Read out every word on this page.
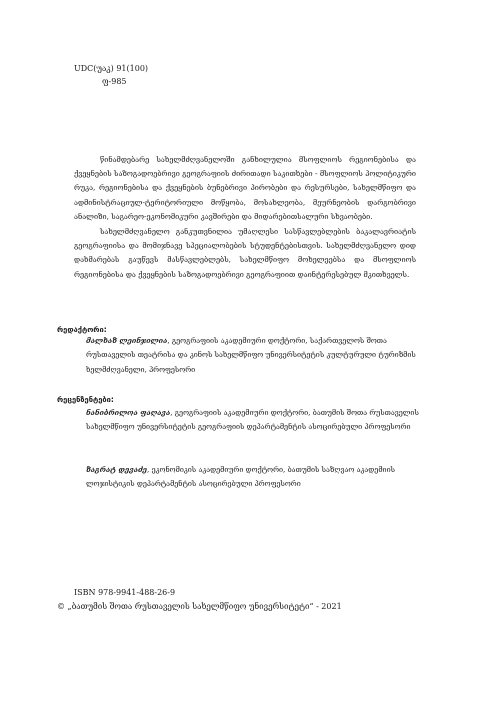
UDC(უაკ) 91(100)
ფ-985

წინამდებარე სახელმძღვანელოში განხილულია მსოფლიოს რეგიონებისა და ქვეყნების საზოგადოებრივი გეოგრაფიის ძირითადი საკითხები - მსოფლიოს პოლიტიკური რუკა, რეგიონებისა და ქვეყნების ბუნებრივი პირობები და რესურსები, სახელმწიფო და ადმინისტრაციულ-ტერიტორიული მოწყობა, მოსახლეობა, მეურნეობის დარგობრივი ანალიზი, საგარეო-ეკონომიკური კავშირები და მიდარებითსალური სხვაობები.

სახელმძღვანელო განკუთვნილია უმაღლესი სასწავლებლების ბაკალავრიატის გეოგრაფიისა და მომიჯნავე სპეციალობების სტუდენტებისთვის. სახელმძღვანელო დიდ დახმარებას გაუწევს მასწავლებლებს, სახელმწიფო მოხელეებსა და მსოფლიოს რეგიონებისა და ქვეყნების საზოგადოებრივი გეოგრაფიით დაინტერესებულ მკითხველს.

რედაქტორი:
მალხაზ ლეინჯილია, გეოგრაფიის აკადემიური დოქტორი, საქართველოს შოთა რუსთაველის თეატრისა და კინოს სახელმწიფო უნივერსიტეტის კულტურული ტურიზმის ხელმძღვანელი, პროფესორი
რეცენზენტები:
ნანიბრილოა ფაღავა, გეოგრაფიის აკადემიური დოქტორი, ბათუმის შოთა რუსთაველის სახელმწიფო უნივერსიტეტის გეოგრაფიის დეპარტამენტის ასოცირებული პროფესორი
ზაგრატ დევაძე, ეკონომიკის აკადემიური დოქტორი, ბათუმის საზღვაო აკადემიის ლოჯისტიკის დეპარტამენტის ასოცირებული პროფესორი
ISBN 978-9941-488-26-9
© „ბათუმის შოთა რუსთაველის სახელმწიფო უნივერსიტეტი“ - 2021
